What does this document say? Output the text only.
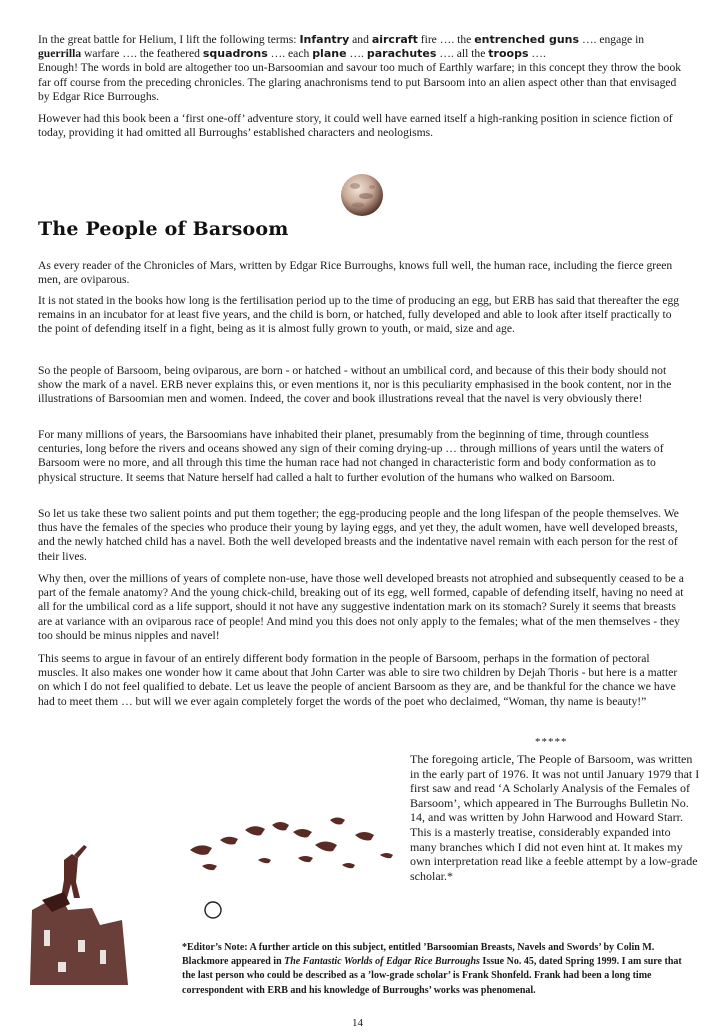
In the great battle for Helium, I lift the following terms: Infantry and aircraft fire …. the entrenched guns …. engage in guerrilla warfare …. the feathered squadrons …. each plane …. parachutes …. all the troops ….
Enough! The words in bold are altogether too un-Barsoomian and savour too much of Earthly warfare; in this concept they throw the book far off course from the preceding chronicles. The glaring anachronisms tend to put Barsoom into an alien aspect other than that envisaged by Edgar Rice Burroughs.

However had this book been a ‘first one-off’ adventure story, it could well have earned itself a high-ranking position in science fiction of today, providing it had omitted all Burroughs’ established characters and neologisms.

The People of Barsoom

As every reader of the Chronicles of Mars, written by Edgar Rice Burroughs, knows full well, the human race, including the fierce green men, are oviparous.

It is not stated in the books how long is the fertilisation period up to the time of producing an egg, but ERB has said that thereafter the egg remains in an incubator for at least five years, and the child is born, or hatched, fully developed and able to look after itself practically to the point of defending itself in a fight, being as it is almost fully grown to youth, or maid, size and age.

So the people of Barsoom, being oviparous, are born - or hatched - without an umbilical cord, and because of this their body should not show the mark of a navel. ERB never explains this, or even mentions it, nor is this peculiarity emphasised in the book content, nor in the illustrations of Barsoomian men and women. Indeed, the cover and book illustrations reveal that the navel is very obviously there!

For many millions of years, the Barsoomians have inhabited their planet, presumably from the beginning of time, through countless centuries, long before the rivers and oceans showed any sign of their coming drying-up … through millions of years until the waters of Barsoom were no more, and all through this time the human race had not changed in characteristic form and body conformation as to physical structure. It seems that Nature herself had called a halt to further evolution of the humans who walked on Barsoom.

So let us take these two salient points and put them together; the egg-producing people and the long lifespan of the people themselves. We thus have the females of the species who produce their young by laying eggs, and yet they, the adult women, have well developed breasts, and the newly hatched child has a navel. Both the well developed breasts and the indentative navel remain with each person for the rest of their lives.

Why then, over the millions of years of complete non-use, have those well developed breasts not atrophied and subsequently ceased to be a part of the female anatomy? And the young chick-child, breaking out of its egg, well formed, capable of defending itself, having no need at all for the umbilical cord as a life support, should it not have any suggestive indentation mark on its stomach? Surely it seems that breasts are at variance with an oviparous race of people! And mind you this does not only apply to the females; what of the men themselves - they too should be minus nipples and navel!

This seems to argue in favour of an entirely different body formation in the people of Barsoom, perhaps in the formation of pectoral muscles. It also makes one wonder how it came about that John Carter was able to sire two children by Dejah Thoris - but here is a matter on which I do not feel qualified to debate. Let us leave the people of ancient Barsoom as they are, and be thankful for the chance we have had to meet them … but will we ever again completely forget the words of the poet who declaimed, “Woman, thy name is beauty!”

*****

The foregoing article, The People of Barsoom, was written in the early part of 1976. It was not until January 1979 that I first saw and read ‘A Scholarly Analysis of the Females of Barsoom’, which appeared in The Burroughs Bulletin No. 14, and was written by John Harwood and Howard Starr. This is a masterly treatise, considerably expanded into many branches which I did not even hint at. It makes my own interpretation read like a feeble attempt by a low-grade scholar.*

*Editor’s Note: A further article on this subject, entitled ’Barsoomian Breasts, Navels and Swords’ by Colin M. Blackmore appeared in The Fantastic Worlds of Edgar Rice Burroughs Issue No. 45, dated Spring 1999. I am sure that the last person who could be described as a ’low-grade scholar’ is Frank Shonfeld. Frank had been a long time correspondent with ERB and his knowledge of Burroughs’ works was phenomenal.

14
